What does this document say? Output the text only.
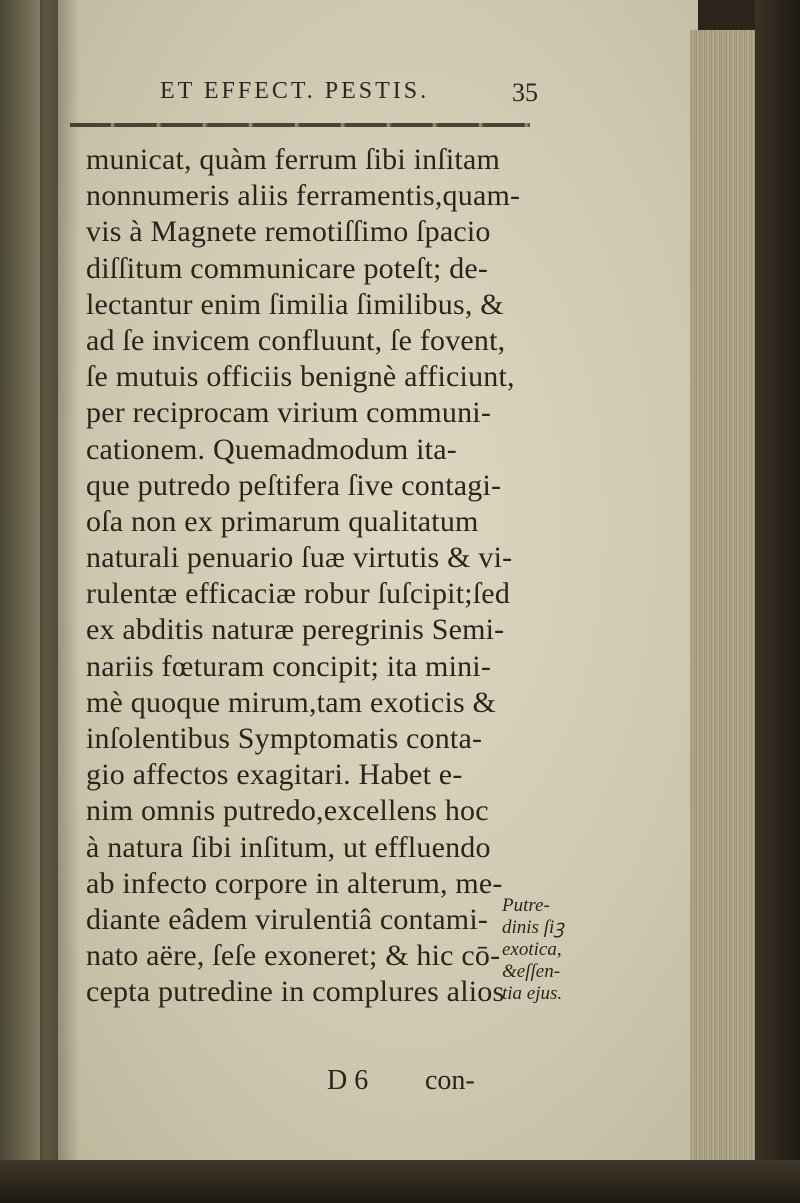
ET EFFECT. PESTIS.	35
municat, quàm ferrum ſibi inſitam
nonnumeris aliis ferramentis,quam-
vis à Magnete remotiſſimo ſpacio
diſſitum communicare poteſt; de-
lectantur enim ſimilia ſimilibus, &
ad ſe invicem confluunt, ſe fovent,
ſe mutuis officiis benignè afficiunt,
per reciprocam virium communi-
cationem. Quemadmodum ita-
que putredo peſtifera ſive contagi-
oſa non ex primarum qualitatum
naturali penuario ſuæ virtutis & vi-
rulentæ efficaciæ robur ſuſcipit;ſed
ex abditis naturæ peregrinis Semi-
nariis fœturam concipit; ita mini-
mè quoque mirum,tam exoticis &
inſolentibus Symptomatis conta-
gio affectos exagitari. Habet e-
nim omnis putredo,excellens hoc
à natura ſibi inſitum, ut effluendo
ab infecto corpore in alterum, me-
diante eâdem virulentiâ contami-
nato aëre, ſeſe exoneret; & hic cō-
cepta putredine in complures alios
Putre-
dinis ſiꝫ
exotica,
&eſſen-
tia ejus.
D 6 con-
